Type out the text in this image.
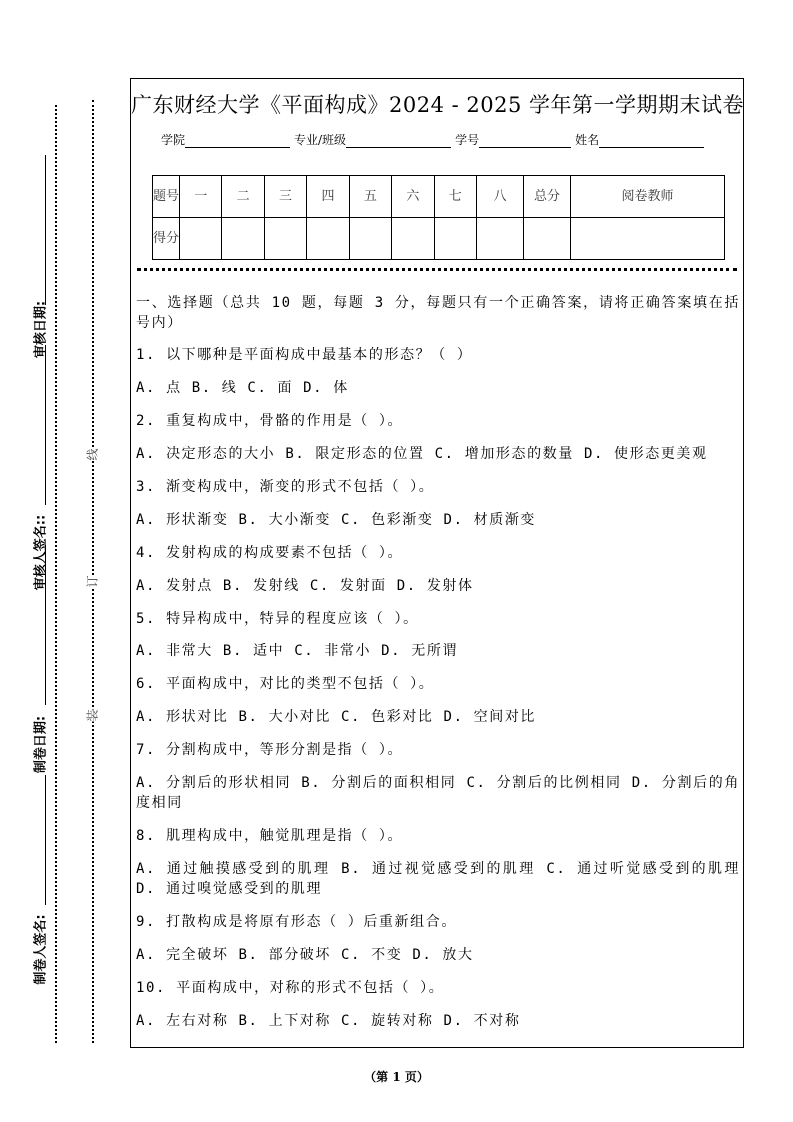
审核日期:
审核人签名::
制卷日期:
制卷人签名:
线
订
装
广东财经大学《平面构成》2024 - 2025 学年第一学期期末试卷
学院	专业/班级	学号	姓名
题号	一	二	三	四	五	六	七	八	总分	阅卷教师
得分										
一、选择题（总共 10 题，每题 3 分，每题只有一个正确答案，请将正确答案填在括号内）
1. 以下哪种是平面构成中最基本的形态？（ ）
A. 点 B. 线 C. 面 D. 体
2. 重复构成中，骨骼的作用是（ ）。
A. 决定形态的大小 B. 限定形态的位置 C. 增加形态的数量 D. 使形态更美观
3. 渐变构成中，渐变的形式不包括（ ）。
A. 形状渐变 B. 大小渐变 C. 色彩渐变 D. 材质渐变
4. 发射构成的构成要素不包括（ ）。
A. 发射点 B. 发射线 C. 发射面 D. 发射体
5. 特异构成中，特异的程度应该（ ）。
A. 非常大 B. 适中 C. 非常小 D. 无所谓
6. 平面构成中，对比的类型不包括（ ）。
A. 形状对比 B. 大小对比 C. 色彩对比 D. 空间对比
7. 分割构成中，等形分割是指（ ）。
A. 分割后的形状相同 B. 分割后的面积相同 C. 分割后的比例相同 D. 分割后的角度相同
8. 肌理构成中，触觉肌理是指（ ）。
A. 通过触摸感受到的肌理 B. 通过视觉感受到的肌理 C. 通过听觉感受到的肌理 D. 通过嗅觉感受到的肌理
9. 打散构成是将原有形态（ ）后重新组合。
A. 完全破坏 B. 部分破坏 C. 不变 D. 放大
10. 平面构成中，对称的形式不包括（ ）。
A. 左右对称 B. 上下对称 C. 旋转对称 D. 不对称
（第 1 页）
